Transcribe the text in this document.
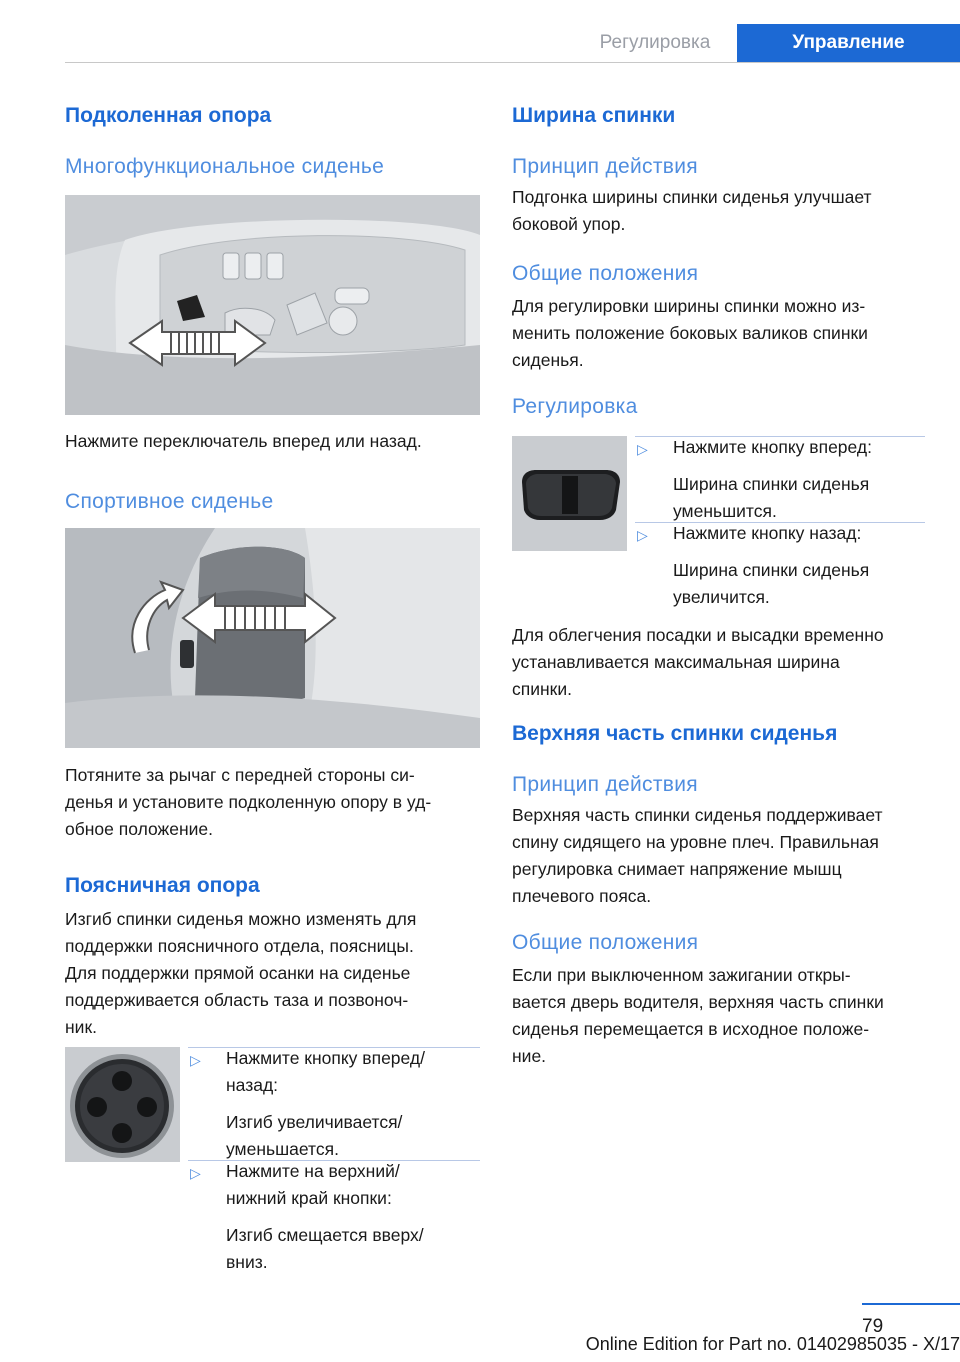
Регулировка	Управление
Подколенная опора
Многофункциональное сиденье
Нажмите переключатель вперед или назад.
Спортивное сиденье
Потяните за рычаг с передней стороны си-
денья и установите подколенную опору в уд-
обное положение.
Поясничная опора
Изгиб спинки сиденья можно изменять для
поддержки поясничного отдела, поясницы.
Для поддержки прямой осанки на сиденье
поддерживается область таза и позвоноч-
ник.
▷ Нажмите кнопку вперед/
назад:
Изгиб увеличивается/
уменьшается.
▷ Нажмите на верхний/
нижний край кнопки:
Изгиб смещается вверх/
вниз.
Ширина спинки
Принцип действия
Подгонка ширины спинки сиденья улучшает
боковой упор.
Общие положения
Для регулировки ширины спинки можно из-
менить положение боковых валиков спинки
сиденья.
Регулировка
▷ Нажмите кнопку вперед:
Ширина спинки сиденья
уменьшится.
▷ Нажмите кнопку назад:
Ширина спинки сиденья
увеличится.
Для облегчения посадки и высадки временно
устанавливается максимальная ширина
спинки.
Верхняя часть спинки сиденья
Принцип действия
Верхняя часть спинки сиденья поддерживает
спину сидящего на уровне плеч. Правильная
регулировка снимает напряжение мышц
плечевого пояса.
Общие положения
Если при выключенном зажигании откры-
вается дверь водителя, верхняя часть спинки
сиденья перемещается в исходное положе-
ние.
79
Online Edition for Part no. 01402985035 - X/17
